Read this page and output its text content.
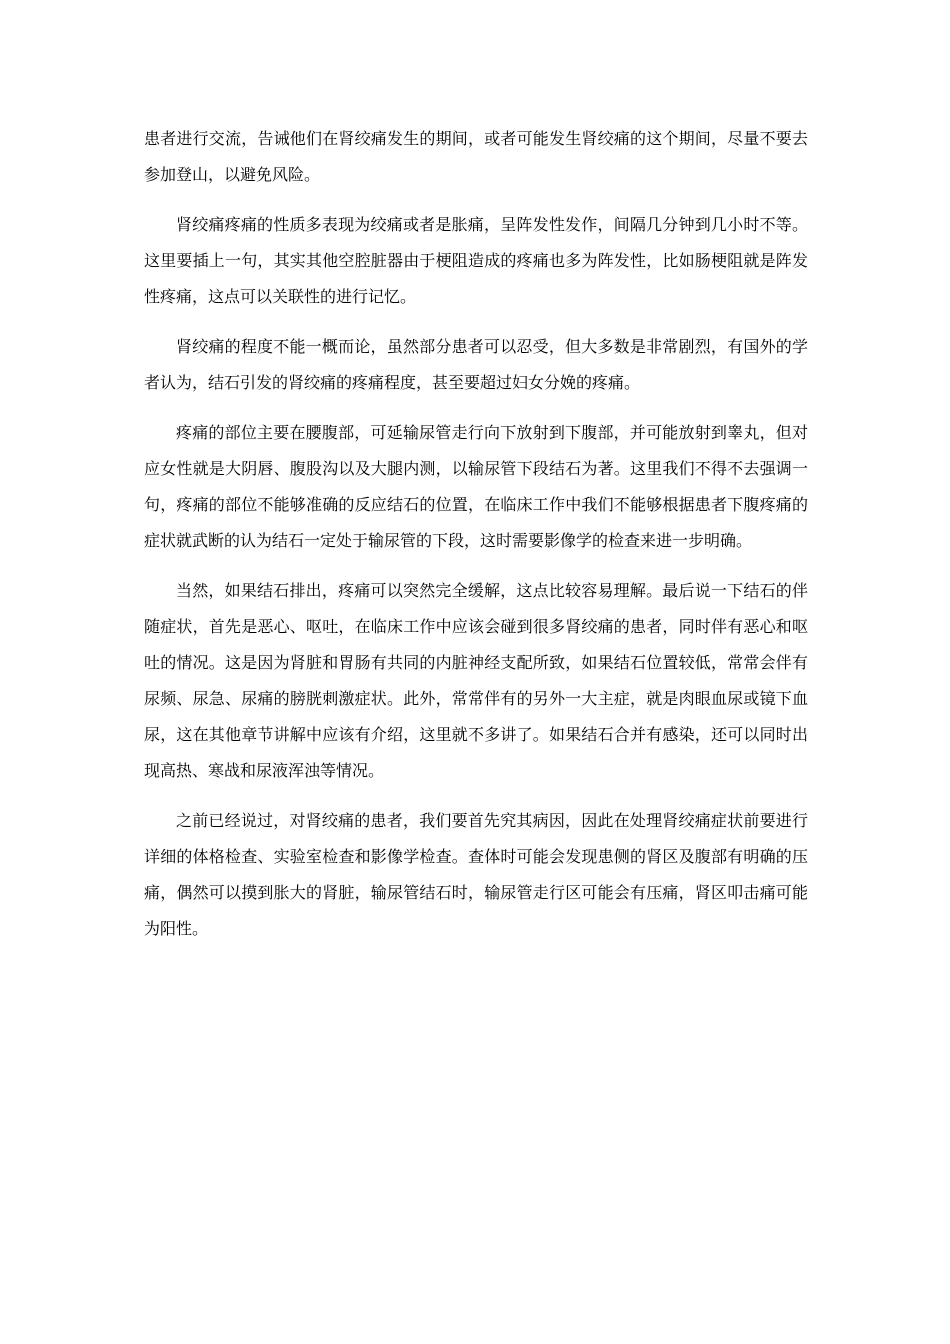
患者进行交流，告诫他们在肾绞痛发生的期间，或者可能发生肾绞痛的这个期间，尽量不要去参加登山，以避免风险。

肾绞痛疼痛的性质多表现为绞痛或者是胀痛，呈阵发性发作，间隔几分钟到几小时不等。这里要插上一句，其实其他空腔脏器由于梗阻造成的疼痛也多为阵发性，比如肠梗阻就是阵发性疼痛，这点可以关联性的进行记忆。

肾绞痛的程度不能一概而论，虽然部分患者可以忍受，但大多数是非常剧烈，有国外的学者认为，结石引发的肾绞痛的疼痛程度，甚至要超过妇女分娩的疼痛。

疼痛的部位主要在腰腹部，可延输尿管走行向下放射到下腹部，并可能放射到睾丸，但对应女性就是大阴唇、腹股沟以及大腿内测，以输尿管下段结石为著。这里我们不得不去强调一句，疼痛的部位不能够准确的反应结石的位置，在临床工作中我们不能够根据患者下腹疼痛的症状就武断的认为结石一定处于输尿管的下段，这时需要影像学的检查来进一步明确。

当然，如果结石排出，疼痛可以突然完全缓解，这点比较容易理解。最后说一下结石的伴随症状，首先是恶心、呕吐，在临床工作中应该会碰到很多肾绞痛的患者，同时伴有恶心和呕吐的情况。这是因为肾脏和胃肠有共同的内脏神经支配所致，如果结石位置较低，常常会伴有尿频、尿急、尿痛的膀胱刺激症状。此外，常常伴有的另外一大主症，就是肉眼血尿或镜下血尿，这在其他章节讲解中应该有介绍，这里就不多讲了。如果结石合并有感染，还可以同时出现高热、寒战和尿液浑浊等情况。

之前已经说过，对肾绞痛的患者，我们要首先究其病因，因此在处理肾绞痛症状前要进行详细的体格检查、实验室检查和影像学检查。查体时可能会发现患侧的肾区及腹部有明确的压痛，偶然可以摸到胀大的肾脏，输尿管结石时，输尿管走行区可能会有压痛，肾区叩击痛可能为阳性。
